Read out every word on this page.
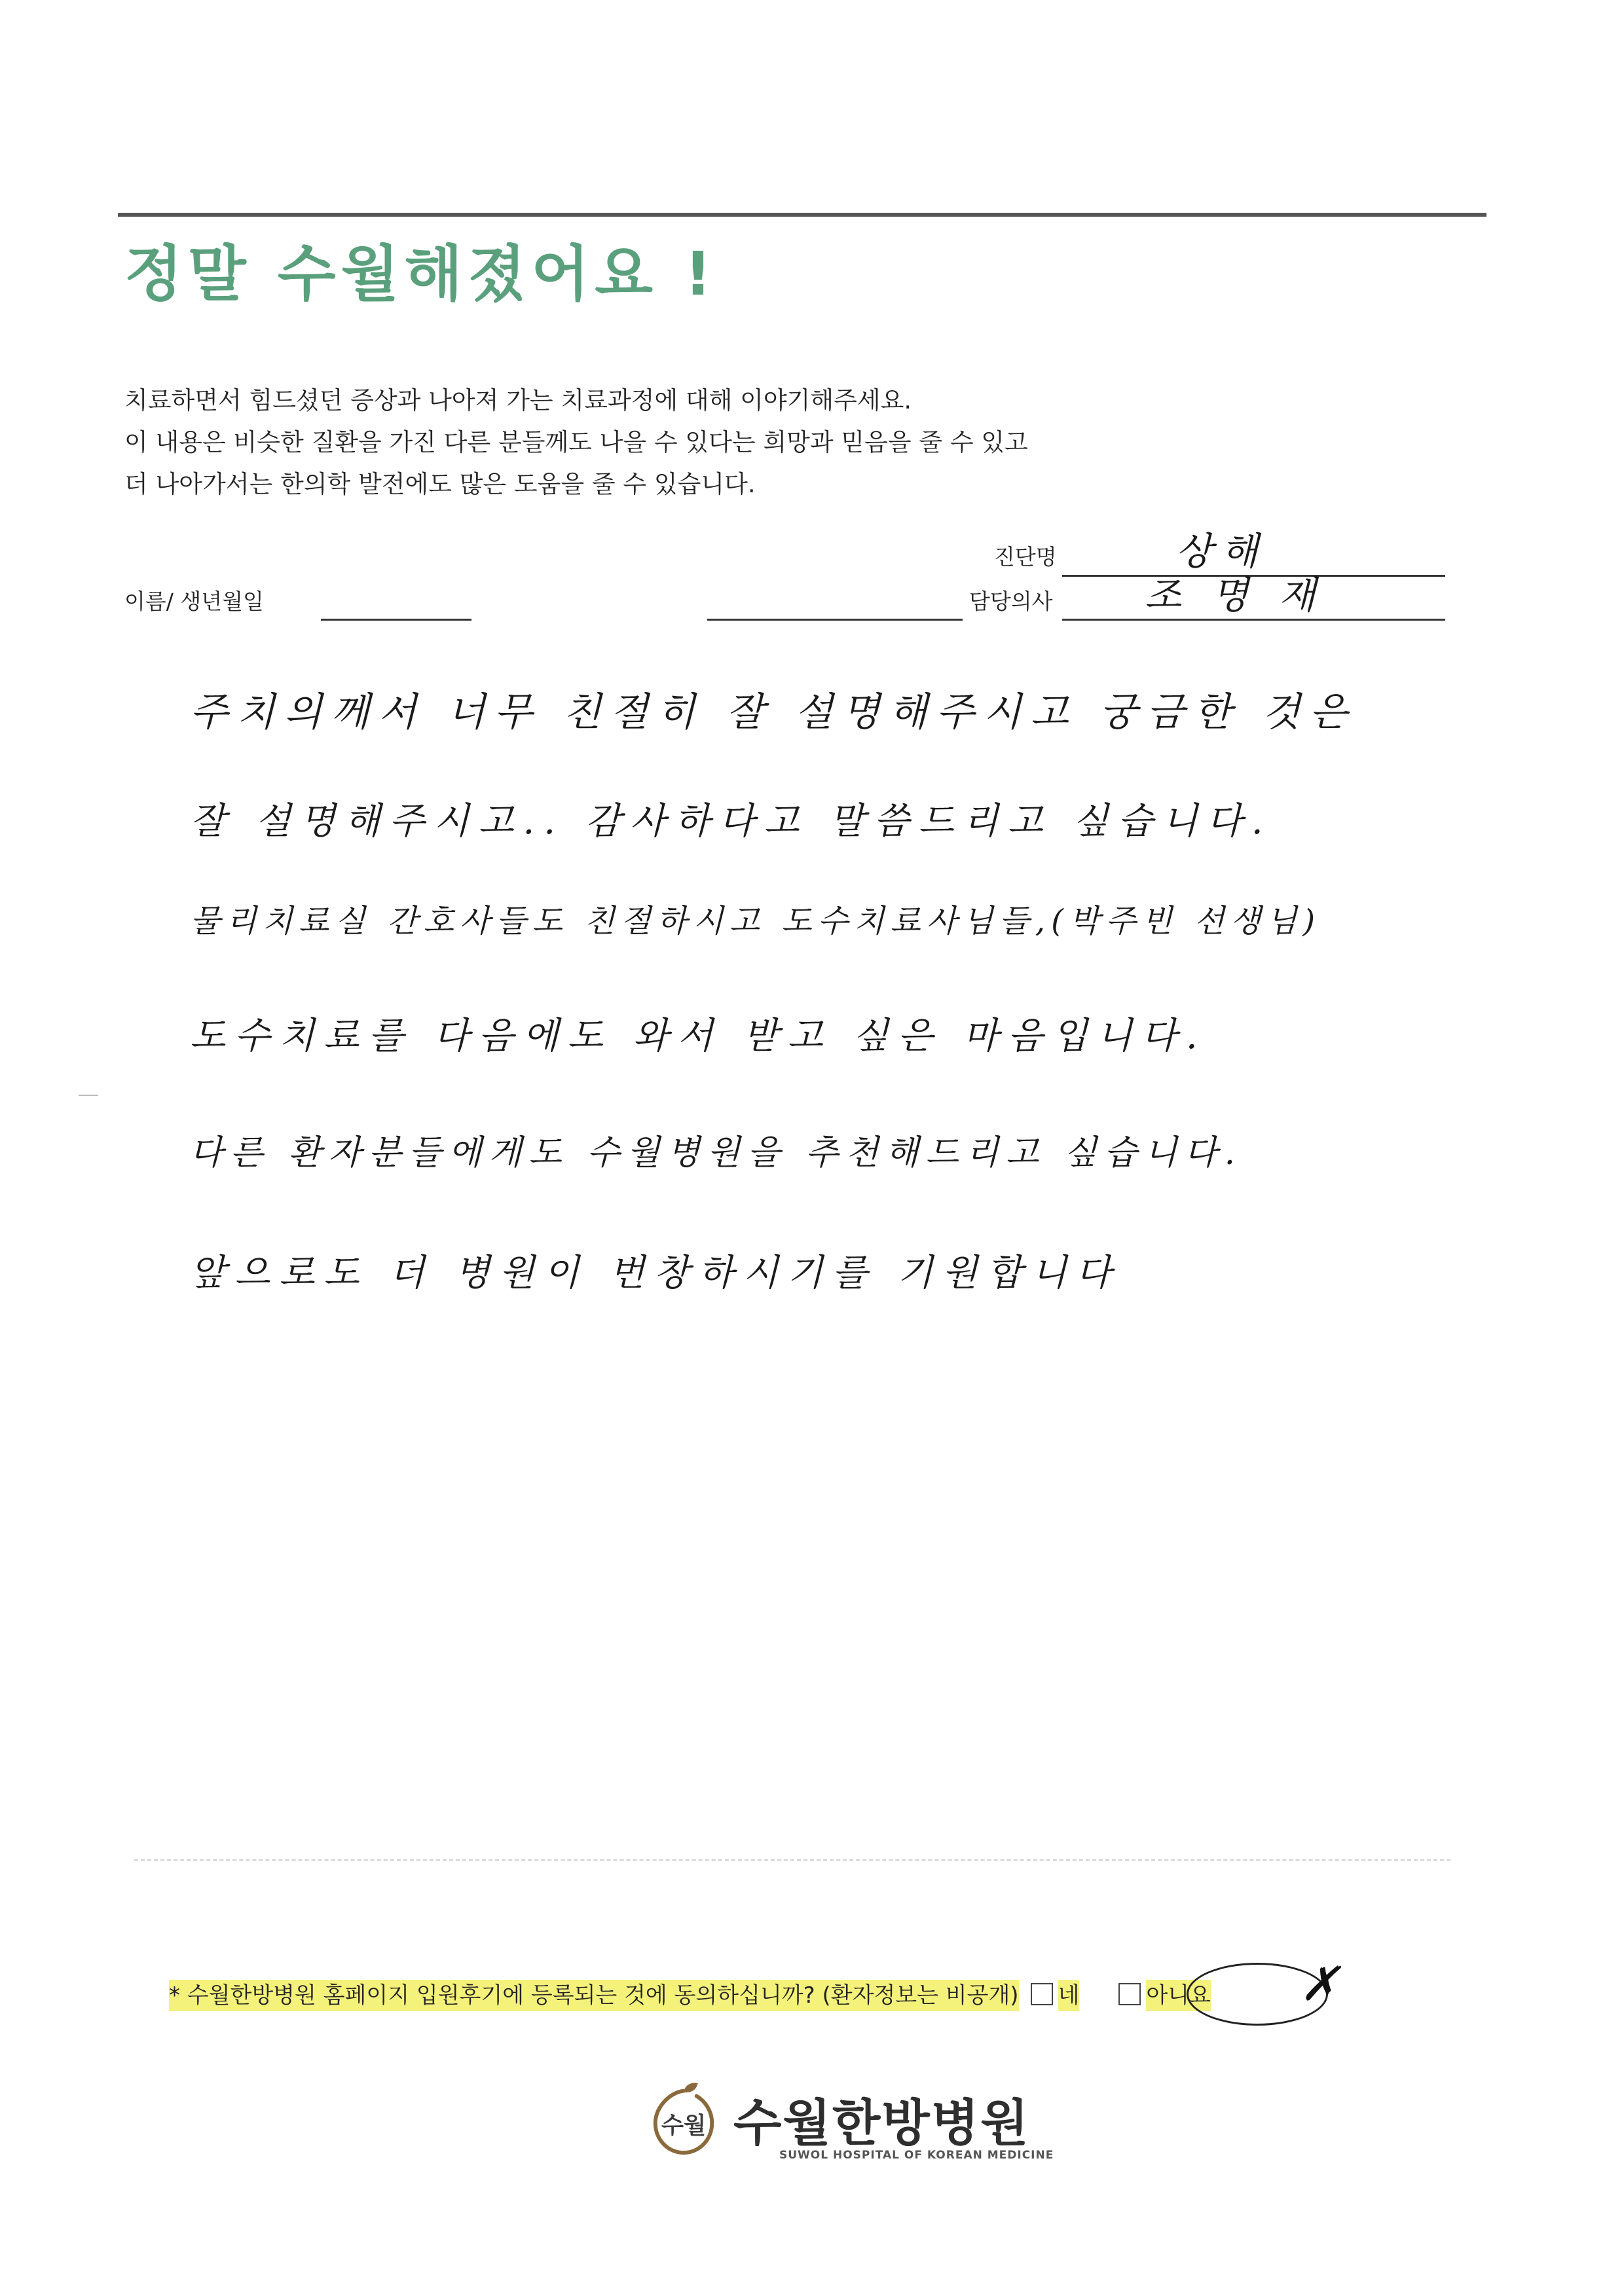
정말 수월해졌어요 !
치료하면서 힘드셨던 증상과 나아져 가는 치료과정에 대해 이야기해주세요.
이 내용은 비슷한 질환을 가진 다른 분들께도 나을 수 있다는 희망과 믿음을 줄 수 있고
더 나아가서는 한의학 발전에도 많은 도움을 줄 수 있습니다.
이름/ 생년월일
진단명	상해
담당의사 조 명 재
주치의께서 너무 친절히 잘 설명해주시고 궁금한 것은
잘 설명해주시고.. 감사하다고 말씀드리고 싶습니다.
물리치료실 간호사들도 친절하시고 도수치료사님들,(박주빈 선생님)
도수치료를 다음에도 와서 받고 싶은 마음입니다.
다른 환자분들에게도 수월병원을 추천해드리고 싶습니다.
앞으로도 더 병원이 번창하시기를 기원합니다
* 수월한방병원 홈페이지 입원후기에 등록되는 것에 동의하십니까? (환자정보는 비공개) 네	아니요 ✗
수월 수월한방병원
SUWOL HOSPITAL OF KOREAN MEDICINE
